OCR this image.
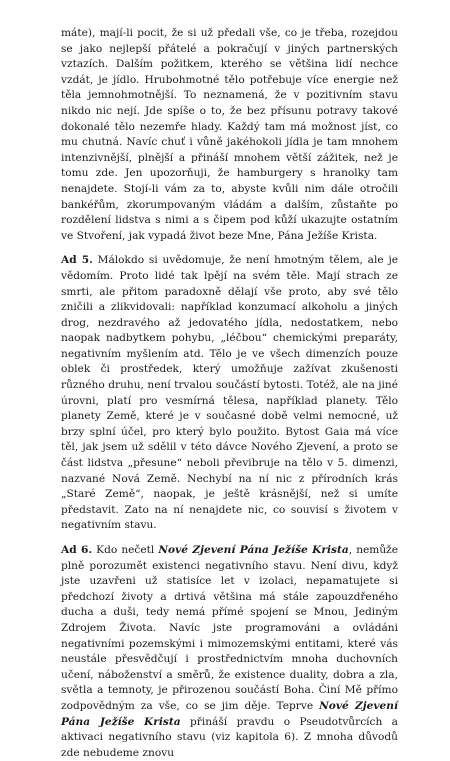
máte), mají-li pocit, že si už předali vše, co je třeba, rozejdou se jako nejlepší přátelé a pokračují v jiných partnerských vztazích. Dalším požitkem, kterého se většina lidí nechce vzdát, je jídlo. Hrubohmotné tělo potřebuje více energie než těla jemnohmotnější. To neznamená, že v pozitivním stavu nikdo nic nejí. Jde spíše o to, že bez přísunu potravy takové dokonalé tělo nezemře hlady. Každý tam má možnost jíst, co mu chutná. Navíc chuť i vůně jakéhokoli jídla je tam mnohem intenzivnější, plnější a přináší mnohem větší zážitek, než je tomu zde. Jen upozorňuji, že hamburgery s hranolky tam nenajdete. Stojí-li vám za to, abyste kvůli nim dále otročili bankéřům, zkorumpovaným vládám a dalším, zůstaňte po rozdělení lidstva s nimi a s čipem pod kůží ukazujte ostatním ve Stvoření, jak vypadá život beze Mne, Pána Ježíše Krista.

Ad 5. Málokdo si uvědomuje, že není hmotným tělem, ale je vědomím. Proto lidé tak lpějí na svém těle. Mají strach ze smrti, ale přitom paradoxně dělají vše proto, aby své tělo zničili a zlikvidovali: například konzumací alkoholu a jiných drog, nezdravého až jedovatého jídla, nedostatkem, nebo naopak nadbytkem pohybu, „léčbou“ chemickými preparáty, negativním myšlením atd. Tělo je ve všech dimenzích pouze oblek či prostředek, který umožňuje zažívat zkušenosti různého druhu, není trvalou součástí bytosti. Totéž, ale na jiné úrovni, platí pro vesmírná tělesa, například planety. Tělo planety Země, které je v současné době velmi nemocné, už brzy splní účel, pro který bylo použito. Bytost Gaia má více těl, jak jsem už sdělil v této dávce Nového Zjevení, a proto se část lidstva „přesune“ neboli převibruje na tělo v 5. dimenzi, nazvané Nová Země. Nechybí na ní nic z přírodních krás „Staré Země“, naopak, je ještě krásnější, než si umíte představit. Zato na ní nenajdete nic, co souvisí s životem v negativním stavu.

Ad 6. Kdo nečetl Nové Zjevení Pána Ježíše Krista, nemůže plně porozumět existenci negativního stavu. Není divu, když jste uzavřeni už statisíce let v izolaci, nepamatujete si předchozí životy a drtivá většina má stále zapouzdřeného ducha a duši, tedy nemá přímé spojení se Mnou, Jediným Zdrojem Života. Navíc jste programováni a ovládáni negativními pozemskými i mimozemskými entitami, které vás neustále přesvědčují i prostřednictvím mnoha duchovních učení, náboženství a směrů, že existence duality, dobra a zla, světla a temnoty, je přirozenou součástí Boha. Činí Mě přímo zodpovědným za vše, co se jim děje. Teprve Nové Zjevení Pána Ježíše Krista přináší pravdu o Pseudotvůrcích a aktivaci negativního stavu (viz kapitola 6). Z mnoha důvodů zde nebudeme znovu
